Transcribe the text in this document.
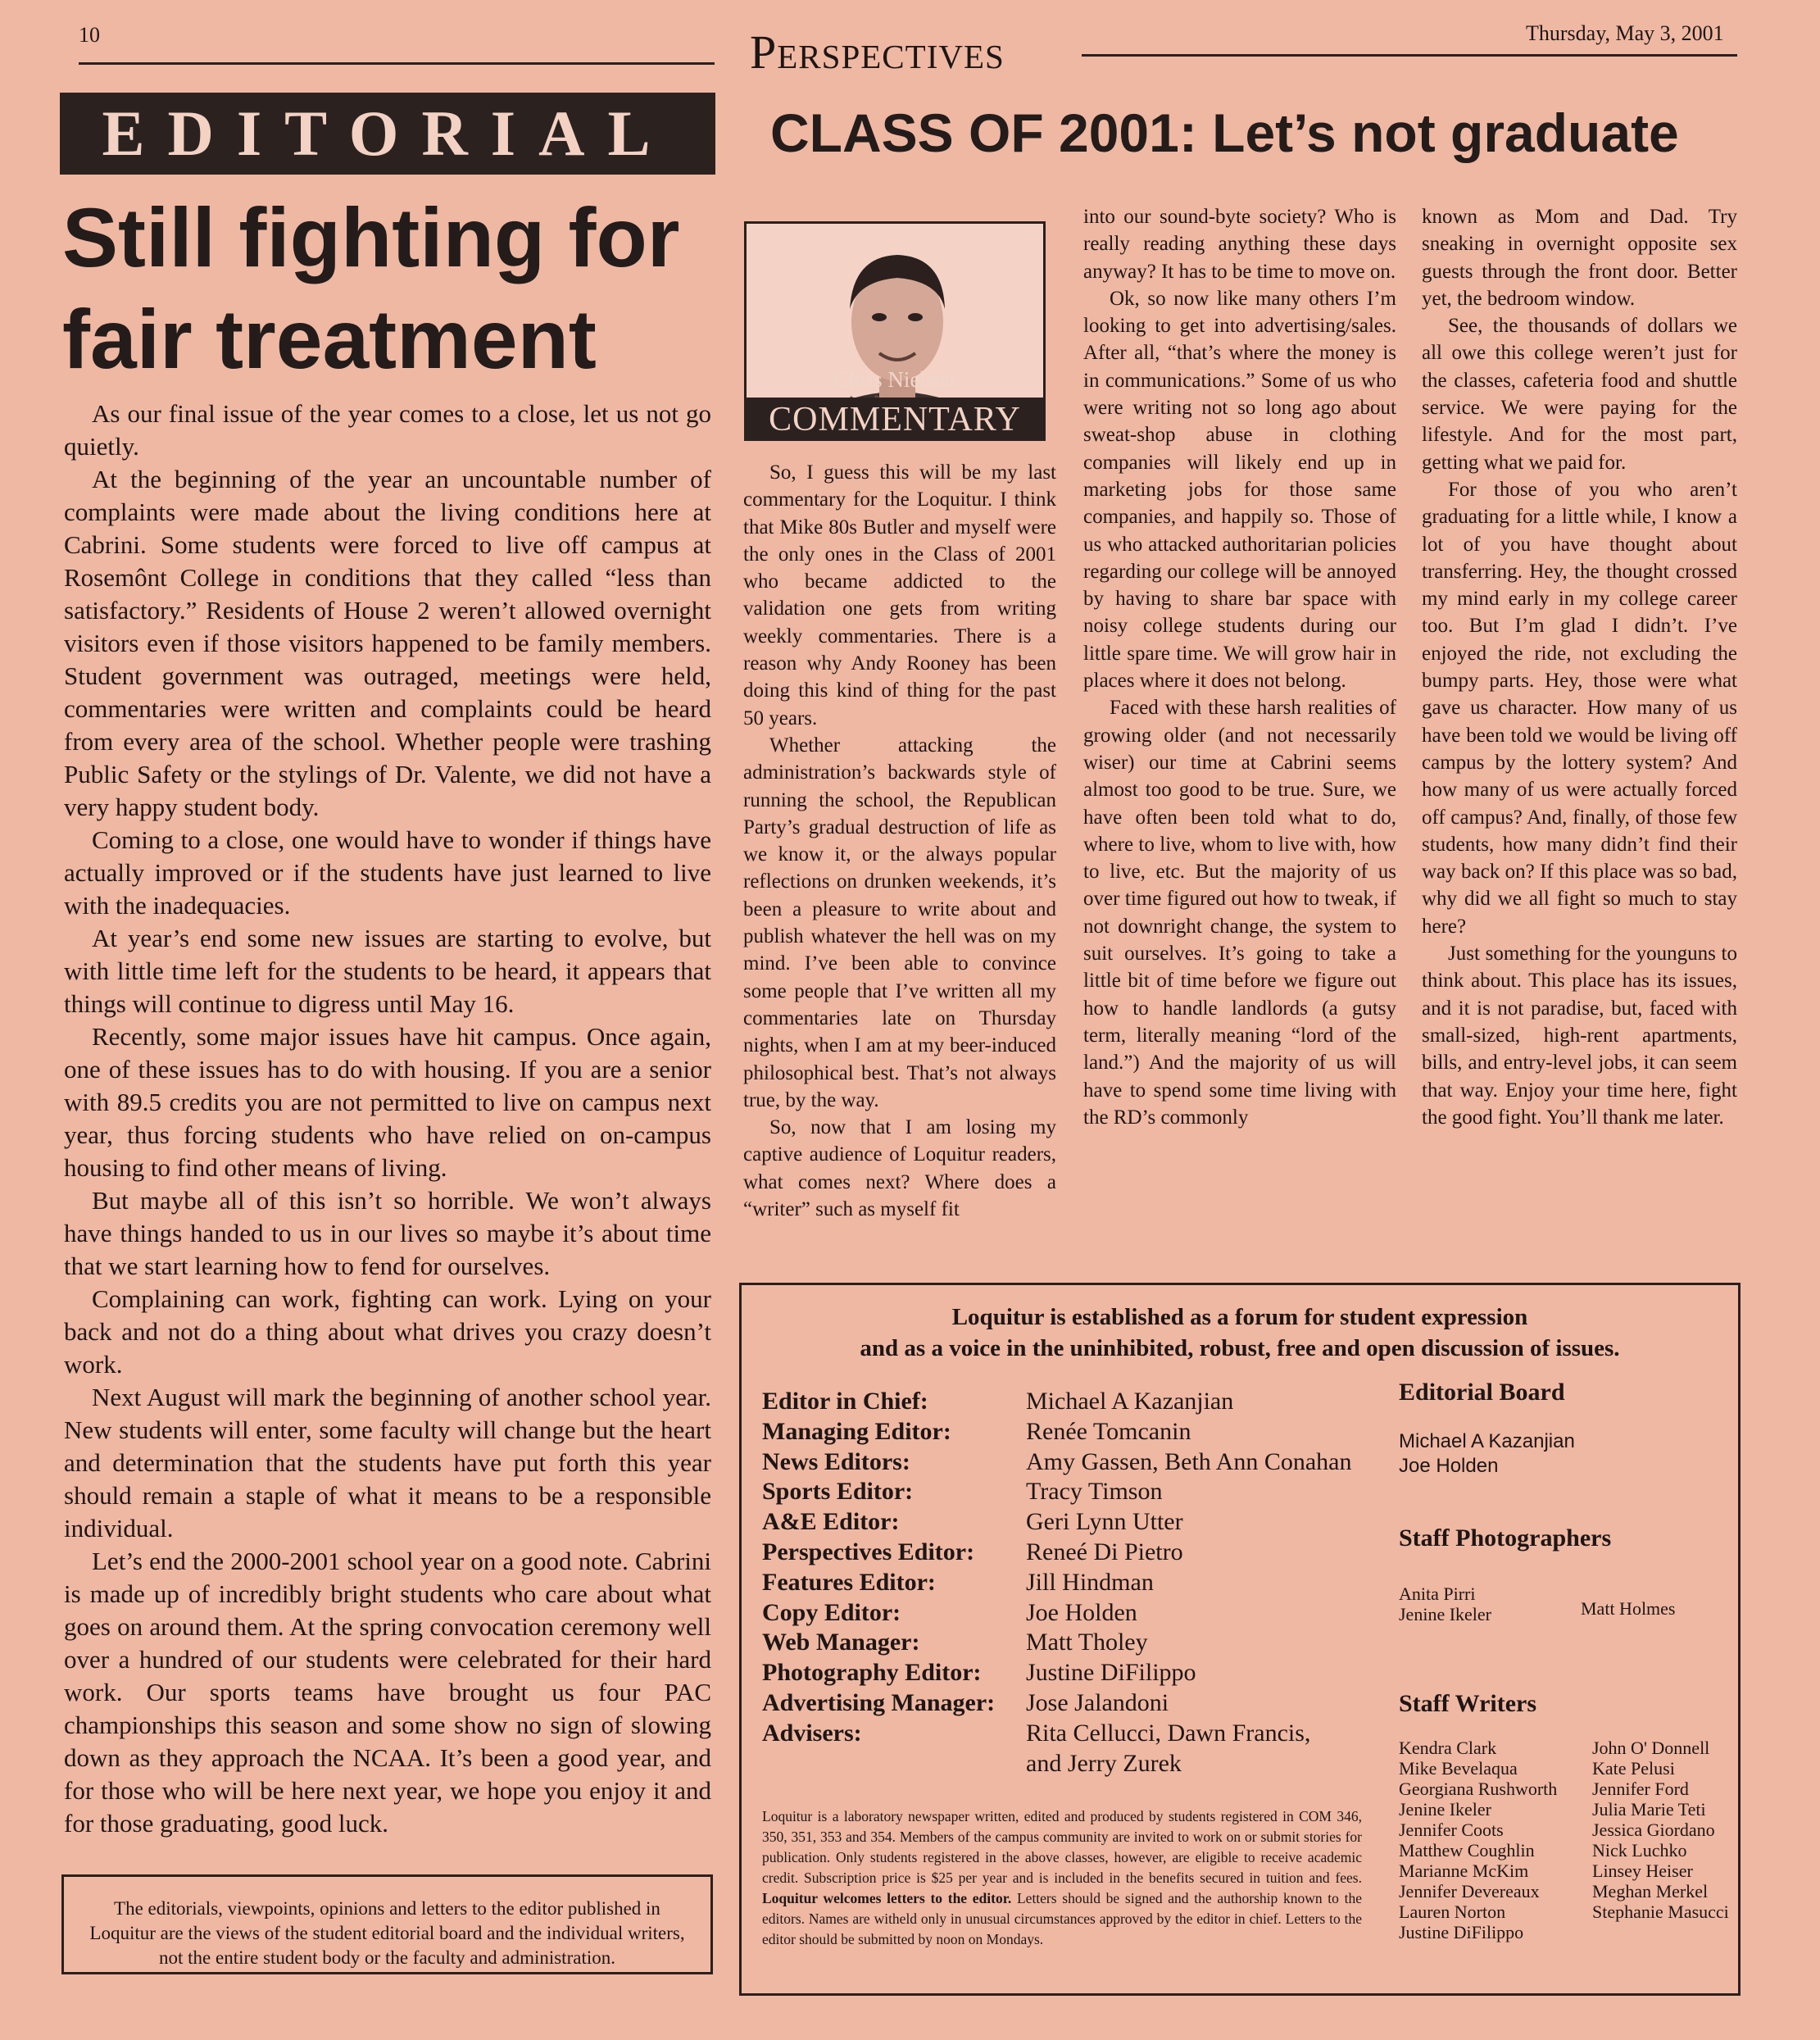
10	Perspectives	Thursday, May 3, 2001
EDITORIAL
Still fighting for fair treatment

As our final issue of the year comes to a close, let us not go quietly.

At the beginning of the year an uncountable number of complaints were made about the living conditions here at Cabrini. Some students were forced to live off campus at Rosemônt College in conditions that they called “less than satisfactory.” Residents of House 2 weren’t allowed overnight visitors even if those visitors happened to be family members. Student government was outraged, meetings were held, commentaries were written and complaints could be heard from every area of the school. Whether people were trashing Public Safety or the stylings of Dr. Valente, we did not have a very happy student body.

Coming to a close, one would have to wonder if things have actually improved or if the students have just learned to live with the inadequacies.

At year’s end some new issues are starting to evolve, but with little time left for the students to be heard, it appears that things will continue to digress until May 16.

Recently, some major issues have hit campus. Once again, one of these issues has to do with housing. If you are a senior with 89.5 credits you are not permitted to live on campus next year, thus forcing students who have relied on on-campus housing to find other means of living.

But maybe all of this isn’t so horrible. We won’t always have things handed to us in our lives so maybe it’s about time that we start learning how to fend for ourselves.

Complaining can work, fighting can work. Lying on your back and not do a thing about what drives you crazy doesn’t work.

Next August will mark the beginning of another school year. New students will enter, some faculty will change but the heart and determination that the students have put forth this year should remain a staple of what it means to be a responsible individual.

Let’s end the 2000-2001 school year on a good note. Cabrini is made up of incredibly bright students who care about what goes on around them. At the spring convocation ceremony well over a hundred of our students were celebrated for their hard work. Our sports teams have brought us four PAC championships this season and some show no sign of slowing down as they approach the NCAA. It’s been a good year, and for those who will be here next year, we hope you enjoy it and for those graduating, good luck.

The editorials, viewpoints, opinions and letters to the editor published in Loquitur are the views of the student editorial board and the individual writers, not the entire student body or the faculty and administration.
CLASS OF 2001: Let’s not graduate
Chris Nielsen
COMMENTARY

So, I guess this will be my last commentary for the Loquitur. I think that Mike 80s Butler and myself were the only ones in the Class of 2001 who became addicted to the validation one gets from writing weekly commentaries. There is a reason why Andy Rooney has been doing this kind of thing for the past 50 years.

Whether attacking the administration’s backwards style of running the school, the Republican Party’s gradual destruction of life as we know it, or the always popular reflections on drunken weekends, it’s been a pleasure to write about and publish whatever the hell was on my mind. I’ve been able to convince some people that I’ve written all my commentaries late on Thursday nights, when I am at my beer-induced philosophical best. That’s not always true, by the way.

So, now that I am losing my captive audience of Loquitur readers, what comes next? Where does a “writer” such as myself fit

into our sound-byte society? Who is really reading anything these days anyway? It has to be time to move on.

Ok, so now like many others I’m looking to get into advertising/sales. After all, “that’s where the money is in communications.” Some of us who were writing not so long ago about sweat-shop abuse in clothing companies will likely end up in marketing jobs for those same companies, and happily so. Those of us who attacked authoritarian policies regarding our college will be annoyed by having to share bar space with noisy college students during our little spare time. We will grow hair in places where it does not belong.

Faced with these harsh realities of growing older (and not necessarily wiser) our time at Cabrini seems almost too good to be true. Sure, we have often been told what to do, where to live, whom to live with, how to live, etc. But the majority of us over time figured out how to tweak, if not downright change, the system to suit ourselves. It’s going to take a little bit of time before we figure out how to handle landlords (a gutsy term, literally meaning “lord of the land.”) And the majority of us will have to spend some time living with the RD’s commonly

known as Mom and Dad. Try sneaking in overnight opposite sex guests through the front door. Better yet, the bedroom window.

See, the thousands of dollars we all owe this college weren’t just for the classes, cafeteria food and shuttle service. We were paying for the lifestyle. And for the most part, getting what we paid for.

For those of you who aren’t graduating for a little while, I know a lot of you have thought about transferring. Hey, the thought crossed my mind early in my college career too. But I’m glad I didn’t. I’ve enjoyed the ride, not excluding the bumpy parts. Hey, those were what gave us character. How many of us have been told we would be living off campus by the lottery system? And how many of us were actually forced off campus? And, finally, of those few students, how many didn’t find their way back on? If this place was so bad, why did we all fight so much to stay here?

Just something for the younguns to think about. This place has its issues, and it is not paradise, but, faced with small-sized, high-rent apartments, bills, and entry-level jobs, it can seem that way. Enjoy your time here, fight the good fight. You’ll thank me later.

Loquitur is established as a forum for student expression
and as a voice in the uninhibited, robust, free and open discussion of issues.
Editor in Chief:	Michael A Kazanjian
Managing Editor:	Renée Tomcanin
News Editors:	Amy Gassen, Beth Ann Conahan
Sports Editor:	Tracy Timson
A&E Editor:	Geri Lynn Utter
Perspectives Editor:	Reneé Di Pietro
Features Editor:	Jill Hindman
Copy Editor:	Joe Holden
Web Manager:	Matt Tholey
Photography Editor:	Justine DiFilippo
Advertising Manager:	Jose Jalandoni
Advisers:	Rita Cellucci, Dawn Francis, and Jerry Zurek
Loquitur is a laboratory newspaper written, edited and produced by students registered in COM 346, 350, 351, 353 and 354. Members of the campus community are invited to work on or submit stories for publication. Only students registered in the above classes, however, are eligible to receive academic credit. Subscription price is $25 per year and is included in the benefits secured in tuition and fees. Loquitur welcomes letters to the editor. Letters should be signed and the authorship known to the editors. Names are witheld only in unusual circumstances approved by the editor in chief. Letters to the editor should be submitted by noon on Mondays.
Editorial Board
Michael A Kazanjian
Joe Holden
Staff Photographers
Anita Pirri
Jenine Ikeler	Matt Holmes
Staff Writers
Kendra Clark
Mike Bevelaqua
Georgiana Rushworth
Jenine Ikeler
Jennifer Coots
Matthew Coughlin
Marianne McKim
Jennifer Devereaux
Lauren Norton
Justine DiFilippo
John O' Donnell
Kate Pelusi
Jennifer Ford
Julia Marie Teti
Jessica Giordano
Nick Luchko
Linsey Heiser
Meghan Merkel
Stephanie Masucci
